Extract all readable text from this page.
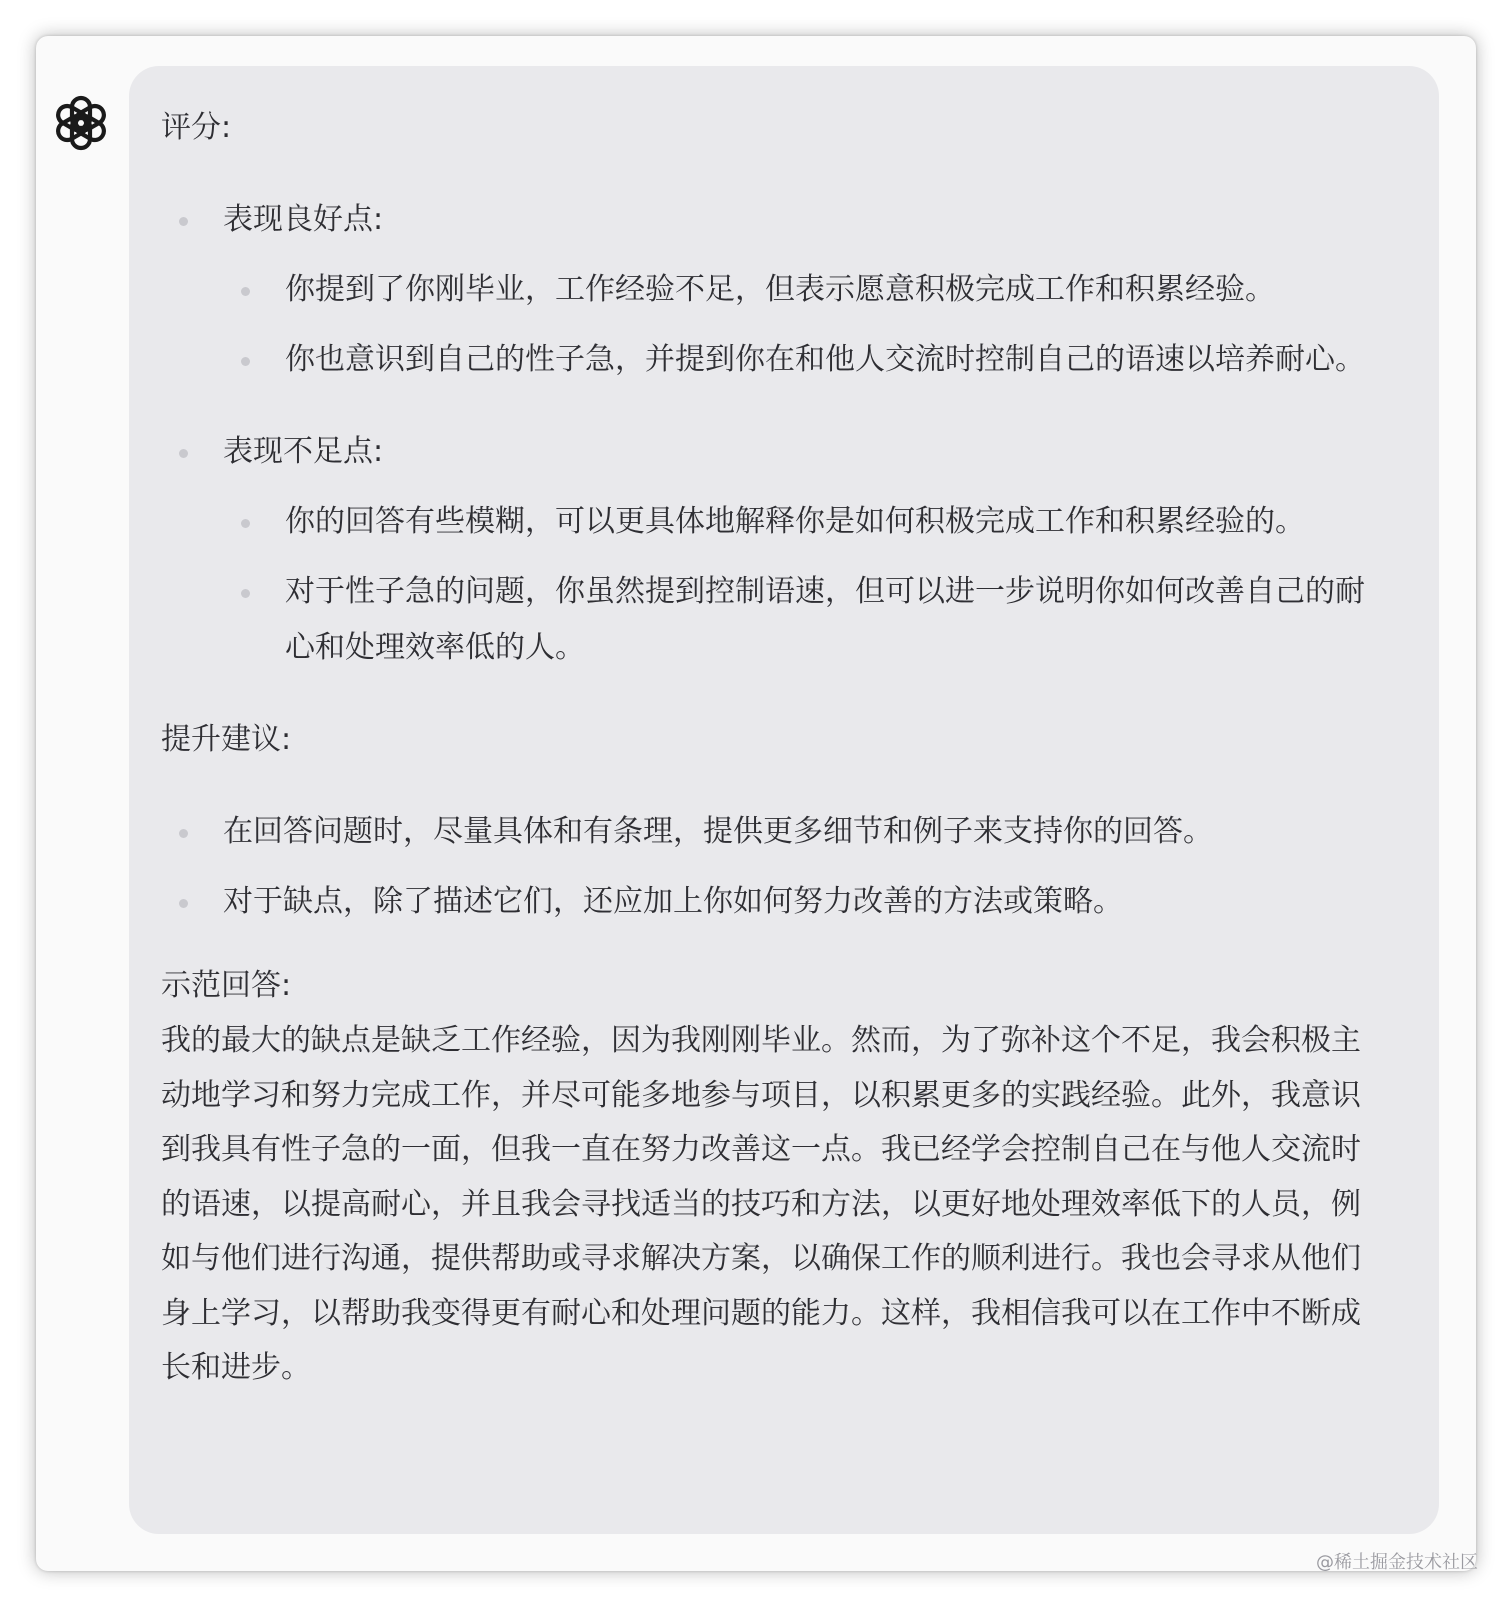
评分:

表现良好点:
你提到了你刚毕业，工作经验不足，但表示愿意积极完成工作和积累经验。
你也意识到自己的性子急，并提到你在和他人交流时控制自己的语速以培养耐心。
表现不足点:
你的回答有些模糊，可以更具体地解释你是如何积极完成工作和积累经验的。
对于性子急的问题，你虽然提到控制语速，但可以进一步说明你如何改善自己的耐心和处理效率低的人。

提升建议:

在回答问题时，尽量具体和有条理，提供更多细节和例子来支持你的回答。
对于缺点，除了描述它们，还应加上你如何努力改善的方法或策略。

示范回答:

我的最大的缺点是缺乏工作经验，因为我刚刚毕业。然而，为了弥补这个不足，我会积极主动地学习和努力完成工作，并尽可能多地参与项目，以积累更多的实践经验。此外，我意识到我具有性子急的一面，但我一直在努力改善这一点。我已经学会控制自己在与他人交流时的语速，以提高耐心，并且我会寻找适当的技巧和方法，以更好地处理效率低下的人员，例如与他们进行沟通，提供帮助或寻求解决方案，以确保工作的顺利进行。我也会寻求从他们身上学习，以帮助我变得更有耐心和处理问题的能力。这样，我相信我可以在工作中不断成长和进步。

@稀土掘金技术社区
